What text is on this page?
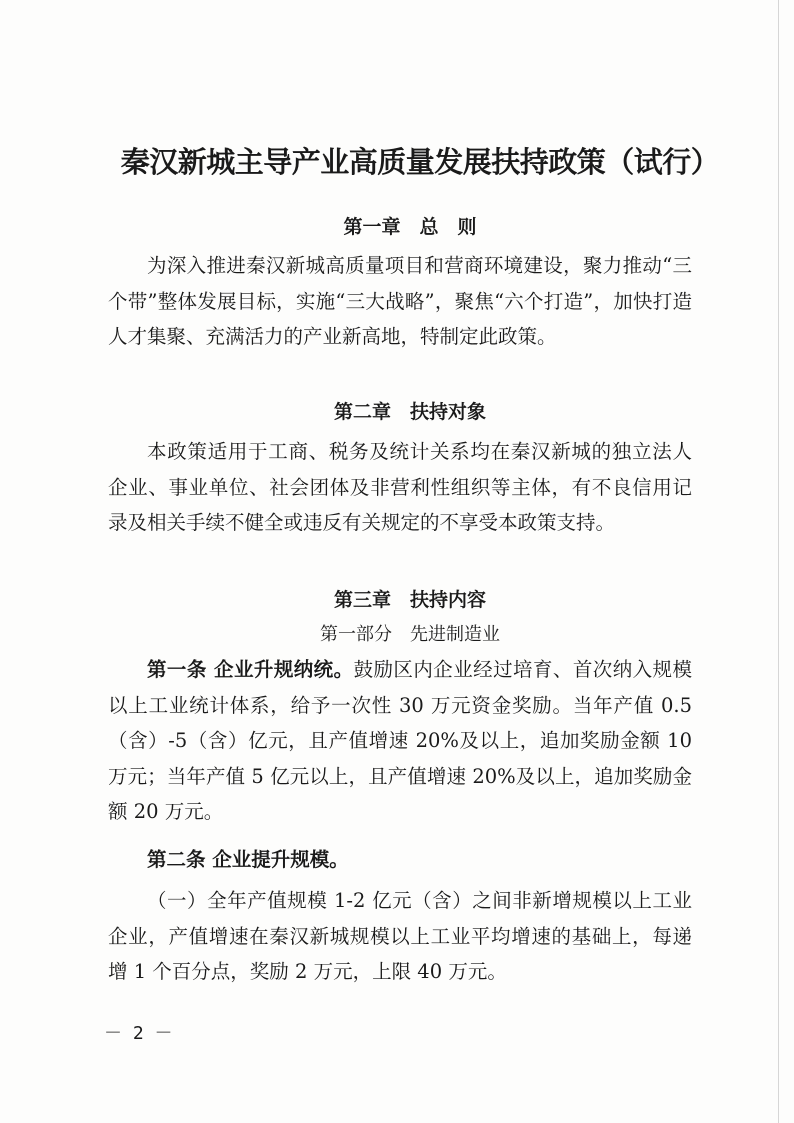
秦汉新城主导产业高质量发展扶持政策（试行）
第一章　总　则
为深入推进秦汉新城高质量项目和营商环境建设，聚力推动“三个带”整体发展目标，实施“三大战略”，聚焦“六个打造”，加快打造人才集聚、充满活力的产业新高地，特制定此政策。
第二章　扶持对象
本政策适用于工商、税务及统计关系均在秦汉新城的独立法人企业、事业单位、社会团体及非营利性组织等主体，有不良信用记录及相关手续不健全或违反有关规定的不享受本政策支持。
第三章　扶持内容
第一部分　先进制造业
第一条 企业升规纳统。鼓励区内企业经过培育、首次纳入规模以上工业统计体系，给予一次性 30 万元资金奖励。当年产值 0.5（含）-5（含）亿元，且产值增速 20%及以上，追加奖励金额 10 万元；当年产值 5 亿元以上，且产值增速 20%及以上，追加奖励金额 20 万元。
第二条 企业提升规模。
（一）全年产值规模 1-2 亿元（含）之间非新增规模以上工业企业，产值增速在秦汉新城规模以上工业平均增速的基础上，每递增 1 个百分点，奖励 2 万元，上限 40 万元。
－ 2 －
